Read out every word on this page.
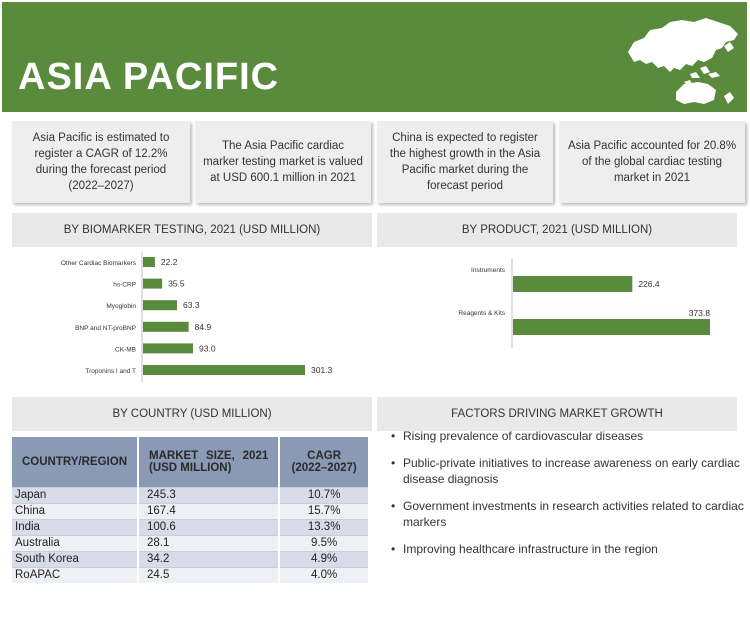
ASIA PACIFIC
Asia Pacific is estimated to register a CAGR of 12.2% during the forecast period (2022–2027)
The Asia Pacific cardiac marker testing market is valued at USD 600.1 million in 2021
China is expected to register the highest growth in the Asia Pacific market during the forecast period
Asia Pacific accounted for 20.8% of the global cardiac testing market in 2021
BY BIOMARKER TESTING, 2021 (USD MILLION)	BY PRODUCT, 2021 (USD MILLION)
BY COUNTRY (USD MILLION)	FACTORS DRIVING MARKET GROWTH
Other Cardiac Biomarkers	22.2
hs-CRP	35.5
Myoglobin	63.3
BNP and NT-proBNP	84.9
CK-MB	93.0
Troponins I and T	301.3
Instruments
226.4
Reagents & Kits	373.8
COUNTRY/REGION	MARKET SIZE, 2021 (USD MILLION)	CAGR (2022–2027)
Japan	245.3	10.7%
China	167.4	15.7%
India	100.6	13.3%
Australia	28.1	9.5%
South Korea	34.2	4.9%
RoAPAC	24.5	4.0%
• Rising prevalence of cardiovascular diseases
• Public-private initiatives to increase awareness on early cardiac disease diagnosis
• Government investments in research activities related to cardiac markers
• Improving healthcare infrastructure in the region
